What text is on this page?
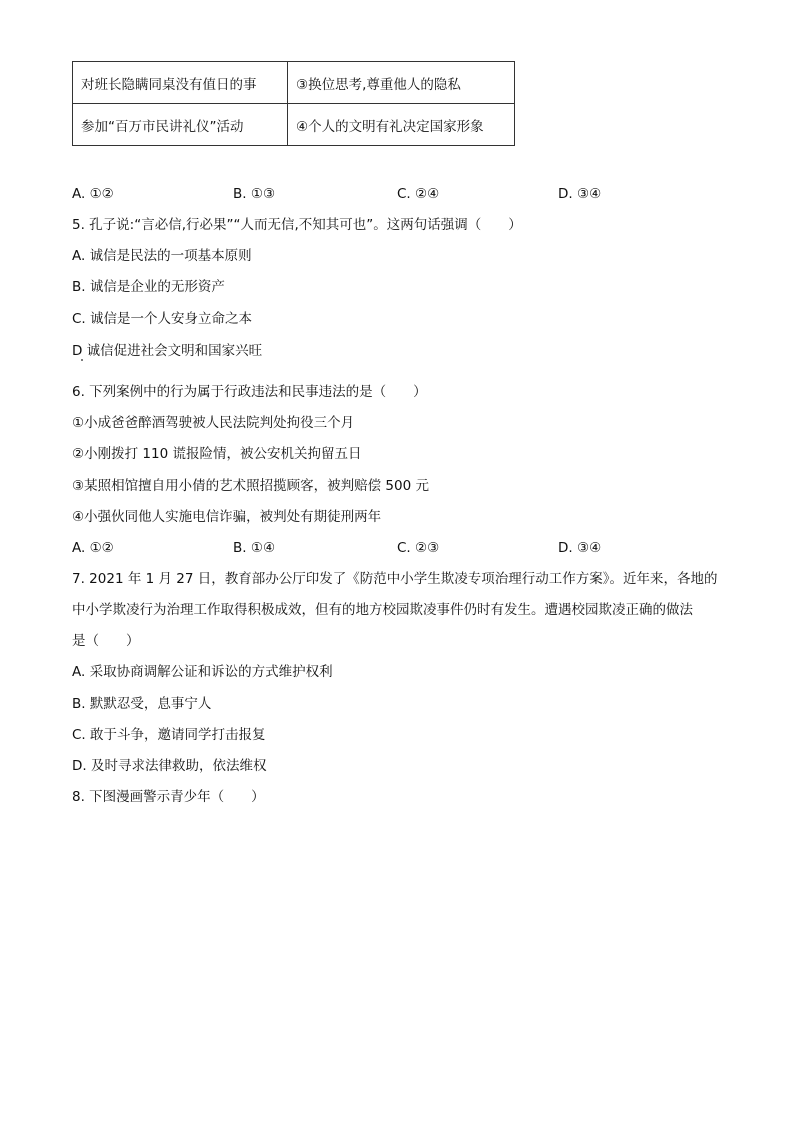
对班长隐瞒同桌没有值日的事	③换位思考,尊重他人的隐私
参加“百万市民讲礼仪”活动	④个人的文明有礼决定国家形象
A. ①②	B. ①③	C. ②④	D. ③④
5. 孔子说:“言必信,行必果”“人而无信,不知其可也”。这两句话强调（　　）
A. 诚信是民法的一项基本原则
B. 诚信是企业的无形资产
C. 诚信是一个人安身立命之本
D 诚信促进社会文明和国家兴旺
6. 下列案例中的行为属于行政违法和民事违法的是（　　）
①小成爸爸醉酒驾驶被人民法院判处拘役三个月
②小刚拨打 110 谎报险情，被公安机关拘留五日
③某照相馆擅自用小倩的艺术照招揽顾客，被判赔偿 500 元
④小强伙同他人实施电信诈骗，被判处有期徒刑两年
A. ①②	B. ①④	C. ②③	D. ③④
7. 2021 年 1 月 27 日，教育部办公厅印发了《防范中小学生欺凌专项治理行动工作方案》。近年来，各地的
中小学欺凌行为治理工作取得积极成效，但有的地方校园欺凌事件仍时有发生。遭遇校园欺凌正确的做法
是（　　）
A. 采取协商调解公证和诉讼的方式维护权利
B. 默默忍受，息事宁人
C. 敢于斗争，邀请同学打击报复
D. 及时寻求法律救助，依法维权
8. 下图漫画警示青少年（　　）
